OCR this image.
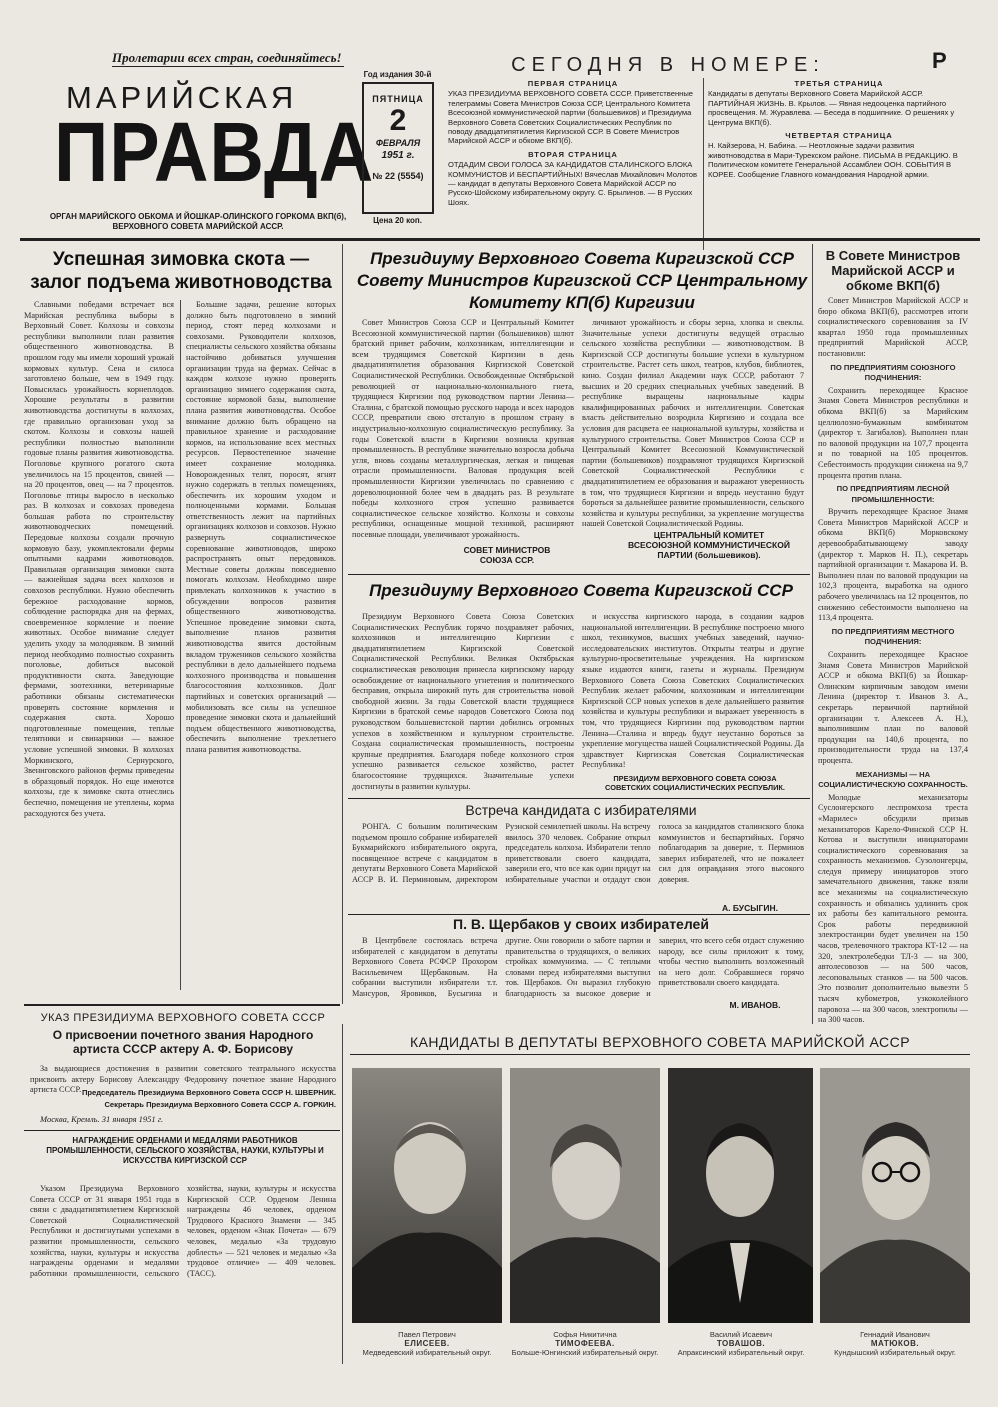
Пролетарии всех стран, соединяйтесь!
МАРИЙСКАЯ
ПРАВДА
ОРГАН МАРИЙСКОГО ОБКОМА И ЙОШКАР-ОЛИНСКОГО ГОРКОМА ВКП(б), ВЕРХОВНОГО СОВЕТА МАРИЙСКОЙ АССР.
Год издания 30-й
ПЯТНИЦА
2
ФЕВРАЛЯ
1951 г.
№ 22 (5554)
Цена 20 коп.
СЕГОДНЯ В НОМЕРЕ:	Р
ПЕРВАЯ СТРАНИЦА

УКАЗ ПРЕЗИДИУМА ВЕРХОВНОГО СОВЕТА СССР. Приветственные телеграммы Совета Министров Союза ССР, Центрального Комитета Всесоюзной коммунистической партии (большевиков) и Президиума Верховного Совета Советских Социалистических Республик по поводу двадцатипятилетия Киргизской ССР. В Совете Министров Марийской АССР и обкоме ВКП(б).

ВТОРАЯ СТРАНИЦА

ОТДАДИМ СВОИ ГОЛОСА ЗА КАНДИДАТОВ СТАЛИНСКОГО БЛОКА КОММУНИСТОВ И БЕСПАРТИЙНЫХ! Вячеслав Михайлович Молотов — кандидат в депутаты Верховного Совета Марийской АССР по Русско-Шойскому избирательному округу. С. Брылинов. — В Русских Шоях.

ТРЕТЬЯ СТРАНИЦА

Кандидаты в депутаты Верховного Совета Марийской АССР. ПАРТИЙНАЯ ЖИЗНЬ. В. Крылов. — Явная недооценка партийного просвещения. М. Журавлева. — Беседа в подшипникe. О решениях у Центрума ВКП(б).

ЧЕТВЕРТАЯ СТРАНИЦА

Н. Кайзерова, Н. Бабина. — Неотложные задачи развития животноводства в Мари-Турекском районе. ПИСЬМА В РЕДАКЦИЮ. В Политическом комитете Генеральной Ассамблеи ООН. СОБЫТИЯ В КОРЕЕ. Сообщение Главного командования Народной армии.

Успешная зимовка скота — залог подъема животноводства

Славными победами встречает вся Марийская республика выборы в Верховный Совет. Колхозы и совхозы республики выполнили план развития общественного животноводства. В прошлом году мы имели хороший урожай кормовых культур. Сена и силоса заготовлено больше, чем в 1949 году. Повысилась урожайность корнеплодов. Хорошие результаты в развитии животноводства достигнуты в колхозах, где правильно организован уход за скотом. Колхозы и совхозы нашей республики полностью выполнили годовые планы развития животноводства. Поголовье крупного рогатого скота увеличилось на 15 процентов, свиней — на 20 процентов, овец — на 7 процентов. Поголовье птицы выросло в несколько раз. В колхозах и совхозах проведена большая работа по строительству животноводческих помещений. Передовые колхозы создали прочную кормовую базу, укомплектовали фермы опытными кадрами животноводов. Правильная организация зимовки скота — важнейшая задача всех колхозов и совхозов республики. Нужно обеспечить бережное расходование кормов, соблюдение распорядка дня на фермах, своевременное кормление и поение животных. Особое внимание следует уделить уходу за молодняком. В зимний период необходимо полностью сохранить поголовье, добиться высокой продуктивности скота. Заведующие фермами, зоотехники, ветеринарные работники обязаны систематически проверять состояние кормления и содержания скота. Хорошо подготовленные помещения, теплые телятники и свинарники — важное условие успешной зимовки. В колхозах Моркинского, Сернурского, Звениговского районов фермы приведены в образцовый порядок. Но еще имеются колхозы, где к зимовке скота отнеслись беспечно, помещения не утеплены, корма расходуются без учета.

Большие задачи, решение которых должно быть подготовлено в зимний период, стоят перед колхозами и совхозами. Руководители колхозов, специалисты сельского хозяйства обязаны настойчиво добиваться улучшения организации труда на фермах. Сейчас в каждом колхозе нужно проверить организацию зимнего содержания скота, состояние кормовой базы, выполнение плана развития животноводства. Особое внимание должно быть обращено на правильное хранение и расходование кормов, на использование всех местных ресурсов. Первостепенное значение имеет сохранение молодняка. Новорожденных телят, поросят, ягнят нужно содержать в теплых помещениях, обеспечить их хорошим уходом и полноценными кормами. Большая ответственность лежит на партийных организациях колхозов и совхозов. Нужно развернуть социалистическое соревнование животноводов, широко распространять опыт передовиков. Местные советы должны повседневно помогать колхозам. Необходимо шире привлекать колхозников к участию в обсуждении вопросов развития общественного животноводства. Успешное проведение зимовки скота, выполнение планов развития животноводства явится достойным вкладом тружеников сельского хозяйства республики в дело дальнейшего подъема колхозного производства и повышения благосостояния колхозников. Долг партийных и советских организаций — мобилизовать все силы на успешное проведение зимовки скота и дальнейший подъем общественного животноводства, обеспечить выполнение трехлетнего плана развития животноводства.

Президиуму Верховного Совета Киргизской ССР Совету Министров Киргизской ССР Центральному Комитету КП(б) Киргизии

Совет Министров Союза ССР и Центральный Комитет Всесоюзной коммунистической партии (большевиков) шлют братский привет рабочим, колхозникам, интеллигенции и всем трудящимся Советской Киргизии в день двадцатипятилетия образования Киргизской Советской Социалистической Республики. Освобожденные Октябрьской революцией от национально-колониального гнета, трудящиеся Киргизии под руководством партии Ленина—Сталина, с братской помощью русского народа и всех народов СССР, превратили свою отсталую в прошлом страну в индустриально-колхозную социалистическую республику. За годы Советской власти в Киргизии возникла крупная промышленность. В республике значительно возросла добыча угля, вновь созданы металлургическая, легкая и пищевая отрасли промышленности. Валовая продукция всей промышленности Киргизии увеличилась по сравнению с дореволюционной более чем в двадцать раз. В результате победы колхозного строя успешно развивается социалистическое сельское хозяйство. Колхозы и совхозы республики, оснащенные мощной техникой, расширяют посевные площади, увеличивают урожайность.

личивают урожайность и сборы зерна, хлопка и свеклы. Значительные успехи достигнуты ведущей отраслью сельского хозяйства республики — животноводством. В Киргизской ССР достигнуты большие успехи в культурном строительстве. Растет сеть школ, театров, клубов, библиотек, кино. Создан филиал Академии наук СССР, работают 7 высших и 20 средних специальных учебных заведений. В республике выращены национальные кадры квалифицированных рабочих и интеллигенции. Советская власть действительно возродила Киргизию и создала все условия для расцвета ее национальной культуры, хозяйства и культурного строительства. Совет Министров Союза ССР и Центральный Комитет Всесоюзной Коммунистической партии (большевиков) поздравляют трудящихся Киргизской Советской Социалистической Республики с двадцатипятилетием ее образования и выражают уверенность в том, что трудящиеся Киргизии и впредь неустанно будут бороться за дальнейшее развитие промышленности, сельского хозяйства и культуры республики, за укрепление могущества нашей Советской Социалистической Родины.

СОВЕТ МИНИСТРОВ СОЮЗА ССР.
ЦЕНТРАЛЬНЫЙ КОМИТЕТ ВСЕСОЮЗНОЙ КОММУНИСТИЧЕСКОЙ ПАРТИИ (большевиков).
Президиуму Верховного Совета Киргизской ССР

Президиум Верховного Совета Союза Советских Социалистических Республик горячо поздравляет рабочих, колхозников и интеллигенцию Киргизии с двадцатипятилетием Киргизской Советской Социалистической Республики. Великая Октябрьская социалистическая революция принесла киргизскому народу освобождение от национального угнетения и политического бесправия, открыла широкий путь для строительства новой свободной жизни. За годы Советской власти трудящиеся Киргизии в братской семье народов Советского Союза под руководством большевистской партии добились огромных успехов в хозяйственном и культурном строительстве. Создана социалистическая промышленность, построены крупные предприятия. Благодаря победе колхозного строя успешно развивается сельское хозяйство, растет благосостояние трудящихся. Значительные успехи достигнуты в развитии культуры.

и искусства киргизского народа, в создании кадров национальной интеллигенции. В республике построено много школ, техникумов, высших учебных заведений, научно-исследовательских институтов. Открыты театры и другие культурно-просветительные учреждения. На киргизском языке издаются книги, газеты и журналы. Президиум Верховного Совета Союза Советских Социалистических Республик желает рабочим, колхозникам и интеллигенции Киргизской ССР новых успехов в деле дальнейшего развития хозяйства и культуры республики и выражает уверенность в том, что трудящиеся Киргизии под руководством партии Ленина—Сталина и впредь будут неустанно бороться за укрепление могущества нашей Социалистической Родины. Да здравствует Киргизская Советская Социалистическая Республика!

ПРЕЗИДИУМ ВЕРХОВНОГО СОВЕТА СОЮЗА СОВЕТСКИХ СОЦИАЛИСТИЧЕСКИХ РЕСПУБЛИК.
Встреча кандидата с избирателями

РОНГА. С большим политическим подъемом прошло собрание избирателей Букмарийского избирательного округа, посвященное встрече с кандидатом в депутаты Верховного Совета Марийской АССР В. И. Перминовым, директором Руэнской семилетней школы. На встречу явилось 370 человек. Собрание открыл председатель колхоза. Избиратели тепло приветствовали своего кандидата, заверили его, что все как один придут на избирательные участки и отдадут свои голоса за кандидатов сталинского блока коммунистов и беспартийных. Горячо поблагодарив за доверие, т. Перминов заверил избирателей, что не пожалеет сил для оправдания этого высокого доверия.

А. БУСЫГИН.
П. В. Щербаков у своих избирателей

В Центрбвеле состоялась встреча избирателей с кандидатом в депутаты Верховного Совета РСФСР Прохором Васильевичем Щербаковым. На собрании выступили избиратели т.т. Мансуров, Яровиков, Бусыгина и другие. Они говорили о заботе партии и правительства о трудящихся, о великих стройках коммунизма. — С теплыми словами перед избирателями выступил тов. Щербаков. Он выразил глубокую благодарность за высокое доверие и заверил, что всего себя отдаст служению народу, все силы приложит к тому, чтобы честно выполнить возложенный на него долг. Собравшиеся горячо приветствовали своего кандидата.

М. ИВАНОВ.
В Совете Министров Марийской АССР и обкоме ВКП(б)

Совет Министров Марийской АССР и бюро обкома ВКП(б), рассмотрев итоги социалистического соревнования за IV квартал 1950 года промышленных предприятий Марийской АССР, постановили:

ПО ПРЕДПРИЯТИЯМ СОЮЗНОГО ПОДЧИНЕНИЯ:

Сохранить переходящее Красное Знамя Совета Министров республики и обкома ВКП(б) за Марийским целлюлозно-бумажным комбинатом (директор т. Загибалов). Выполнен план по валовой продукции на 107,7 процента и по товарной на 105 процентов. Себестоимость продукции снижена на 9,7 процента против плана.

ПО ПРЕДПРИЯТИЯМ ЛЕСНОЙ ПРОМЫШЛЕННОСТИ:

Вручить переходящее Красное Знамя Совета Министров Марийской АССР и обкома ВКП(б) Морковскому деревообрабатывающему заводу (директор т. Марков Н. П.), секретарь партийной организации т. Макарова И. В. Выполнен план по валовой продукции на 102,3 процента, выработка на одного рабочего увеличилась на 12 процентов, по снижению себестоимости выполнено на 113,4 процента.

ПО ПРЕДПРИЯТИЯМ МЕСТНОГО ПОДЧИНЕНИЯ:

Сохранить переходящее Красное Знамя Совета Министров Марийской АССР и обкома ВКП(б) за Йошкар-Олинским кирпичным заводом имени Ленина (директор т. Иванов З. А., секретарь первичной партийной организации т. Алексеев А. Н.), выполнившим план по валовой продукции на 140,6 процента, по производительности труда на 137,4 процента.

МЕХАНИЗМЫ — НА СОЦИАЛИСТИЧЕСКУЮ СОХРАННОСТЬ.

Молодые механизаторы Суслонгерского леспромхоза треста «Марилес» обсудили призыв механизаторов Карело-Финской ССР Н. Котова и выступили инициаторами социалистического соревнования за сохранность механизмов. Сузолонгерцы, следуя примеру инициаторов этого замечательного движения, также взяли все механизмы на социалистическую сохранность и обязались удлинить срок их работы без капитального ремонта. Срок работы передвижной электростанции будет увеличен на 150 часов, трелевочного трактора КТ-12 — на 320, электролебедки ТЛ-3 — на 300, автолесовозов — на 500 часов, лесоповальных станков — на 500 часов. Это позволит дополнительно вывезти 5 тысяч кубометров, узкоколейного паровоза — на 300 часов, электропилы — на 300 часов.

УКАЗ ПРЕЗИДИУМА ВЕРХОВНОГО СОВЕТА СССР
О присвоении почетного звания Народного артиста СССР актеру А. Ф. Борисову

За выдающиеся достижения в развитии советского театрального искусства присвоить актеру Борисову Александру Федоровичу почетное звание Народного артиста СССР. Председатель Президиума Верховного Совета СССР Н. ШВЕРНИК.
Секретарь Президиума Верховного Совета СССР А. ГОРКИН.
Москва, Кремль. 31 января 1951 г.
НАГРАЖДЕНИЕ ОРДЕНАМИ И МЕДАЛЯМИ РАБОТНИКОВ ПРОМЫШЛЕННОСТИ, СЕЛЬСКОГО ХОЗЯЙСТВА, НАУКИ, КУЛЬТУРЫ И ИСКУССТВА КИРГИЗСКОЙ ССР

Указом Президиума Верховного Совета СССР от 31 января 1951 года в связи с двадцатипятилетием Киргизской Советской Социалистической Республики и достигнутыми успехами в развитии промышленности, сельского хозяйства, науки, культуры и искусства награждены орденами и медалями работники промышленности, сельского хозяйства, науки, культуры и искусства Киргизской ССР. Орденом Ленина награждены 46 человек, орденом Трудового Красного Знамени — 345 человек, орденом «Знак Почета» — 679 человек, медалью «За трудовую доблесть» — 521 человек и медалью «За трудовое отличие» — 409 человек. (ТАСС).

КАНДИДАТЫ В ДЕПУТАТЫ ВЕРХОВНОГО СОВЕТА МАРИЙСКОЙ АССР
Павел Петрович
ЕЛИСЕЕВ.
Медведевский избирательный округ.
Софья Никитична
ТИМОФЕЕВА.
Больше-Юнгинский избирательный округ.
Василий Исаевич
ТОВАШОВ.
Апраксинский избирательный округ.
Геннадий Иванович
МАТЮКОВ.
Кундышский избирательный округ.
